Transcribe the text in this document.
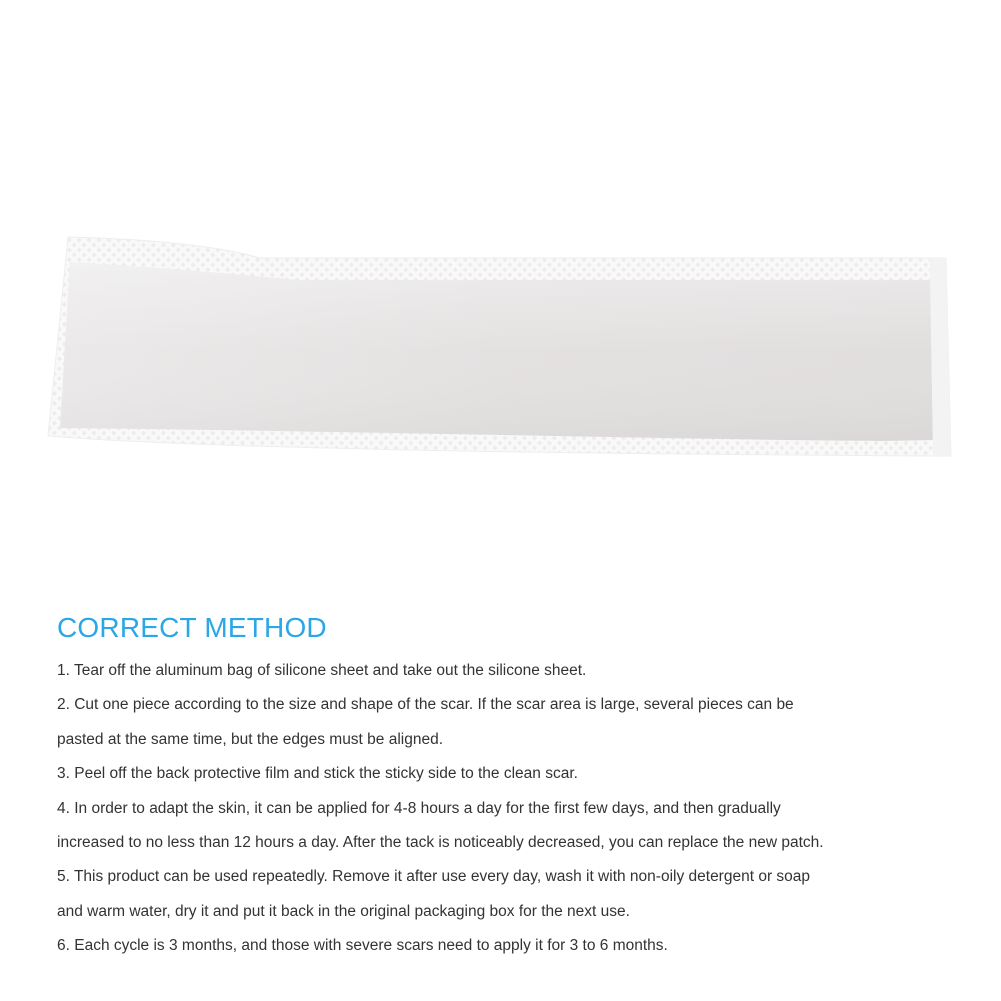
CORRECT METHOD
1. Tear off the aluminum bag of silicone sheet and take out the silicone sheet.
2. Cut one piece according to the size and shape of the scar. If the scar area is large, several pieces can be
pasted at the same time, but the edges must be aligned.
3. Peel off the back protective film and stick the sticky side to the clean scar.
4. In order to adapt the skin, it can be applied for 4-8 hours a day for the first few days, and then gradually
increased to no less than 12 hours a day. After the tack is noticeably decreased, you can replace the new patch.
5. This product can be used repeatedly. Remove it after use every day, wash it with non-oily detergent or soap
and warm water, dry it and put it back in the original packaging box for the next use.
6. Each cycle is 3 months, and those with severe scars need to apply it for 3 to 6 months.
